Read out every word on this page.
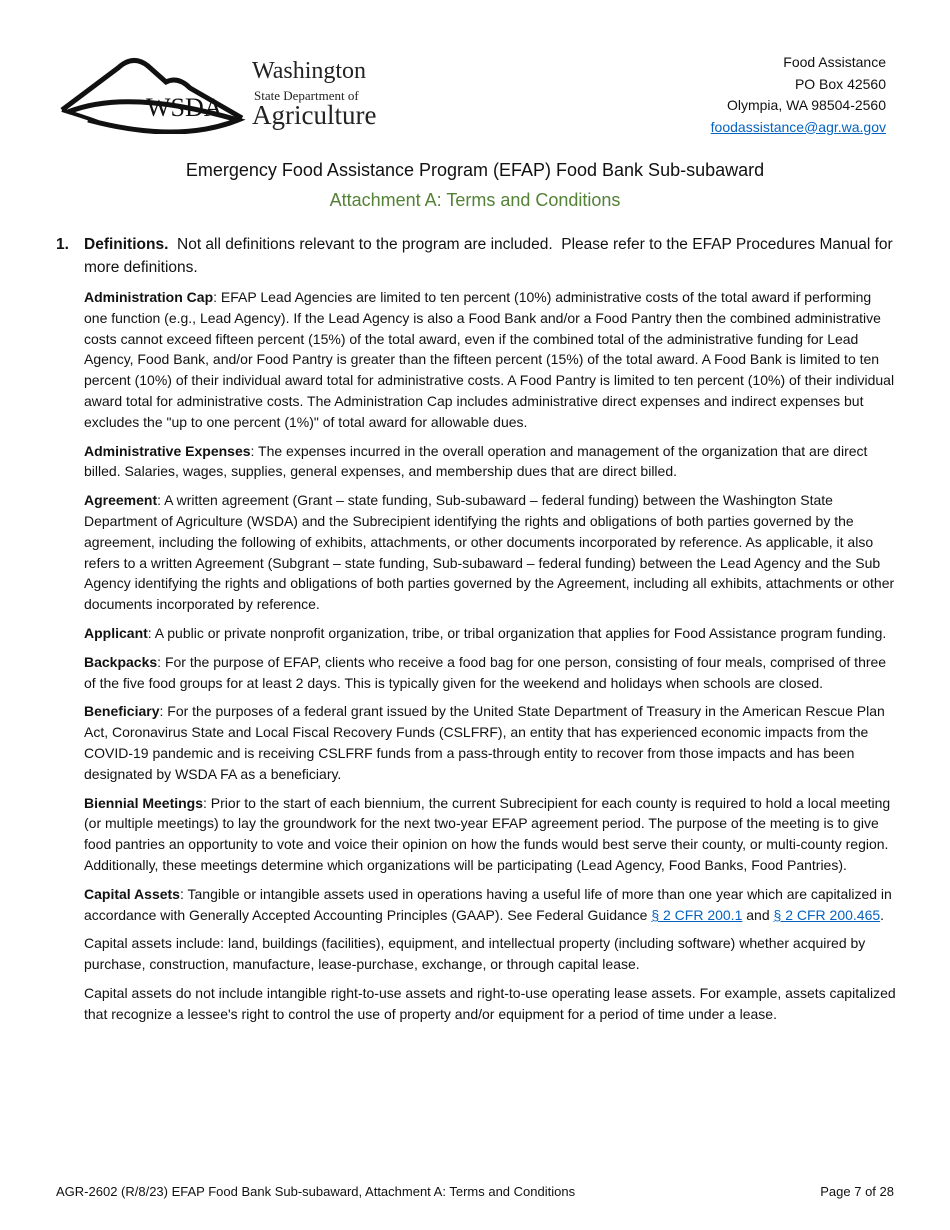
WSDA
Washington
State Department of
Agriculture
Food Assistance
PO Box 42560
Olympia, WA 98504-2560
foodassistance@agr.wa.gov
Emergency Food Assistance Program (EFAP) Food Bank Sub-subaward
Attachment A: Terms and Conditions
1. Definitions.  Not all definitions relevant to the program are included.  Please refer to the EFAP Procedures Manual for more definitions.

Administration Cap: EFAP Lead Agencies are limited to ten percent (10%) administrative costs of the total award if performing one function (e.g., Lead Agency). If the Lead Agency is also a Food Bank and/or a Food Pantry then the combined administrative costs cannot exceed fifteen percent (15%) of the total award, even if the combined total of the administrative funding for Lead Agency, Food Bank, and/or Food Pantry is greater than the fifteen percent (15%) of the total award. A Food Bank is limited to ten percent (10%) of their individual award total for administrative costs. A Food Pantry is limited to ten percent (10%) of their individual award total for administrative costs. The Administration Cap includes administrative direct expenses and indirect expenses but excludes the "up to one percent (1%)" of total award for allowable dues.

Administrative Expenses: The expenses incurred in the overall operation and management of the organization that are direct billed. Salaries, wages, supplies, general expenses, and membership dues that are direct billed.

Agreement: A written agreement (Grant – state funding, Sub-subaward – federal funding) between the Washington State Department of Agriculture (WSDA) and the Subrecipient identifying the rights and obligations of both parties governed by the agreement, including the following of exhibits, attachments, or other documents incorporated by reference. As applicable, it also refers to a written Agreement (Subgrant – state funding, Sub-subaward – federal funding) between the Lead Agency and the Sub Agency identifying the rights and obligations of both parties governed by the Agreement, including all exhibits, attachments or other documents incorporated by reference.

Applicant: A public or private nonprofit organization, tribe, or tribal organization that applies for Food Assistance program funding.

Backpacks: For the purpose of EFAP, clients who receive a food bag for one person, consisting of four meals, comprised of three of the five food groups for at least 2 days. This is typically given for the weekend and holidays when schools are closed.

Beneficiary: For the purposes of a federal grant issued by the United State Department of Treasury in the American Rescue Plan Act, Coronavirus State and Local Fiscal Recovery Funds (CSLFRF), an entity that has experienced economic impacts from the COVID-19 pandemic and is receiving CSLFRF funds from a pass-through entity to recover from those impacts and has been designated by WSDA FA as a beneficiary.

Biennial Meetings: Prior to the start of each biennium, the current Subrecipient for each county is required to hold a local meeting (or multiple meetings) to lay the groundwork for the next two-year EFAP agreement period. The purpose of the meeting is to give food pantries an opportunity to vote and voice their opinion on how the funds would best serve their county, or multi-county region. Additionally, these meetings determine which organizations will be participating (Lead Agency, Food Banks, Food Pantries).

Capital Assets: Tangible or intangible assets used in operations having a useful life of more than one year which are capitalized in accordance with Generally Accepted Accounting Principles (GAAP). See Federal Guidance § 2 CFR 200.1 and § 2 CFR 200.465.

Capital assets include: land, buildings (facilities), equipment, and intellectual property (including software) whether acquired by purchase, construction, manufacture, lease-purchase, exchange, or through capital lease.

Capital assets do not include intangible right-to-use assets and right-to-use operating lease assets. For example, assets capitalized that recognize a lessee's right to control the use of property and/or equipment for a period of time under a lease.

AGR-2602 (R/8/23) EFAP Food Bank Sub-subaward, Attachment A: Terms and Conditions	Page 7 of 28
